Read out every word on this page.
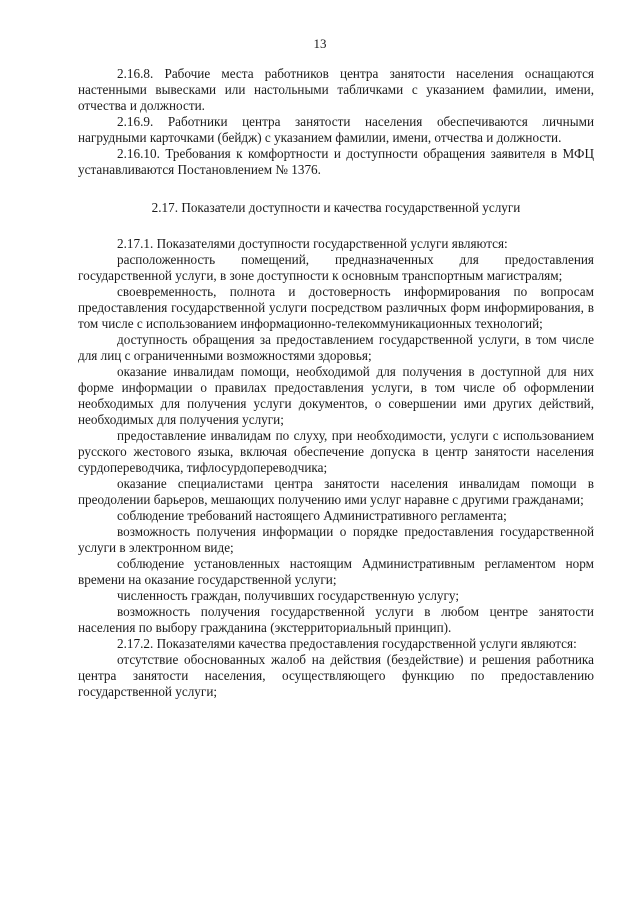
13

2.16.8. Рабочие места работников центра занятости населения оснащаются настенными вывесками или настольными табличками с указанием фамилии, имени, отчества и должности.

2.16.9. Работники центра занятости населения обеспечиваются личными нагрудными карточками (бейдж) с указанием фамилии, имени, отчества и должности.

2.16.10. Требования к комфортности и доступности обращения заявителя в МФЦ устанавливаются Постановлением № 1376.

2.17. Показатели доступности и качества государственной услуги

2.17.1. Показателями доступности государственной услуги являются:

расположенность помещений, предназначенных для предоставления государственной услуги, в зоне доступности к основным транспортным магистралям;

своевременность, полнота и достоверность информирования по вопросам предоставления государственной услуги посредством различных форм информирования, в том числе с использованием информационно-телекоммуникационных технологий;

доступность обращения за предоставлением государственной услуги, в том числе для лиц с ограниченными возможностями здоровья;

оказание инвалидам помощи, необходимой для получения в доступной для них форме информации о правилах предоставления услуги, в том числе об оформлении необходимых для получения услуги документов, о совершении ими других действий, необходимых для получения услуги;

предоставление инвалидам по слуху, при необходимости, услуги с использованием русского жестового языка, включая обеспечение допуска в центр занятости населения сурдопереводчика, тифлосурдопереводчика;

оказание специалистами центра занятости населения инвалидам помощи в преодолении барьеров, мешающих получению ими услуг наравне с другими гражданами;

соблюдение требований настоящего Административного регламента;

возможность получения информации о порядке предоставления государственной услуги в электронном виде;

соблюдение установленных настоящим Административным регламентом норм времени на оказание государственной услуги;

численность граждан, получивших государственную услугу;

возможность получения государственной услуги в любом центре занятости населения по выбору гражданина (экстерриториальный принцип).

2.17.2. Показателями качества предоставления государственной услуги являются:

отсутствие обоснованных жалоб на действия (бездействие) и решения работника центра занятости населения, осуществляющего функцию по предоставлению государственной услуги;
